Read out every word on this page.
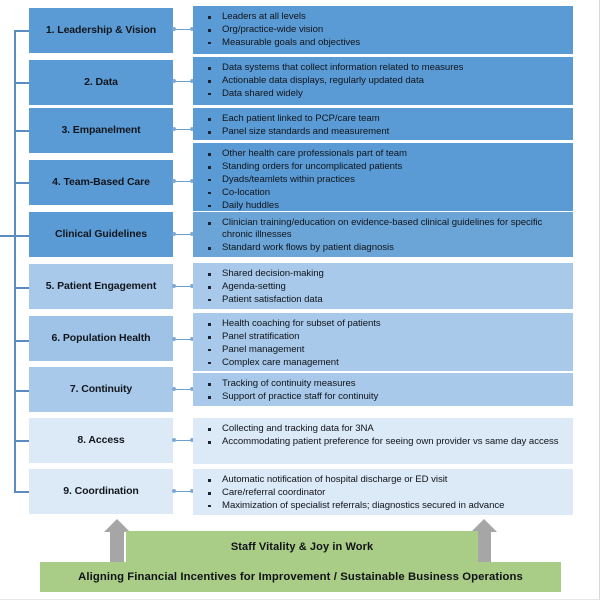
1. Leadership & Vision
Leaders at all levels
Org/practice-wide vision
Measurable goals and objectives
2. Data
Data systems that collect information related to measures
Actionable data displays, regularly updated data
Data shared widely
3. Empanelment
Each patient linked to PCP/care team
Panel size standards and measurement
4. Team-Based Care
Other health care professionals part of team
Standing orders for uncomplicated patients
Dyads/teamlets within practices
Co-location
Daily huddles
Clinical Guidelines
Clinician training/education on evidence-based clinical guidelines for specific chronic illnesses
Standard work flows by patient diagnosis
5. Patient Engagement
Shared decision-making
Agenda-setting
Patient satisfaction data
6. Population Health
Health coaching for subset of patients
Panel stratification
Panel management
Complex care management
7. Continuity	Tracking of continuity measures
Support of practice staff for continuity
8. Access
Collecting and tracking data for 3NA
Accommodating patient preference for seeing own provider vs same day access
9. Coordination
Automatic notification of hospital discharge or ED visit
Care/referral coordinator
Maximization of specialist referrals; diagnostics secured in advance
Staff Vitality & Joy in Work
Aligning Financial Incentives for Improvement / Sustainable Business Operations
